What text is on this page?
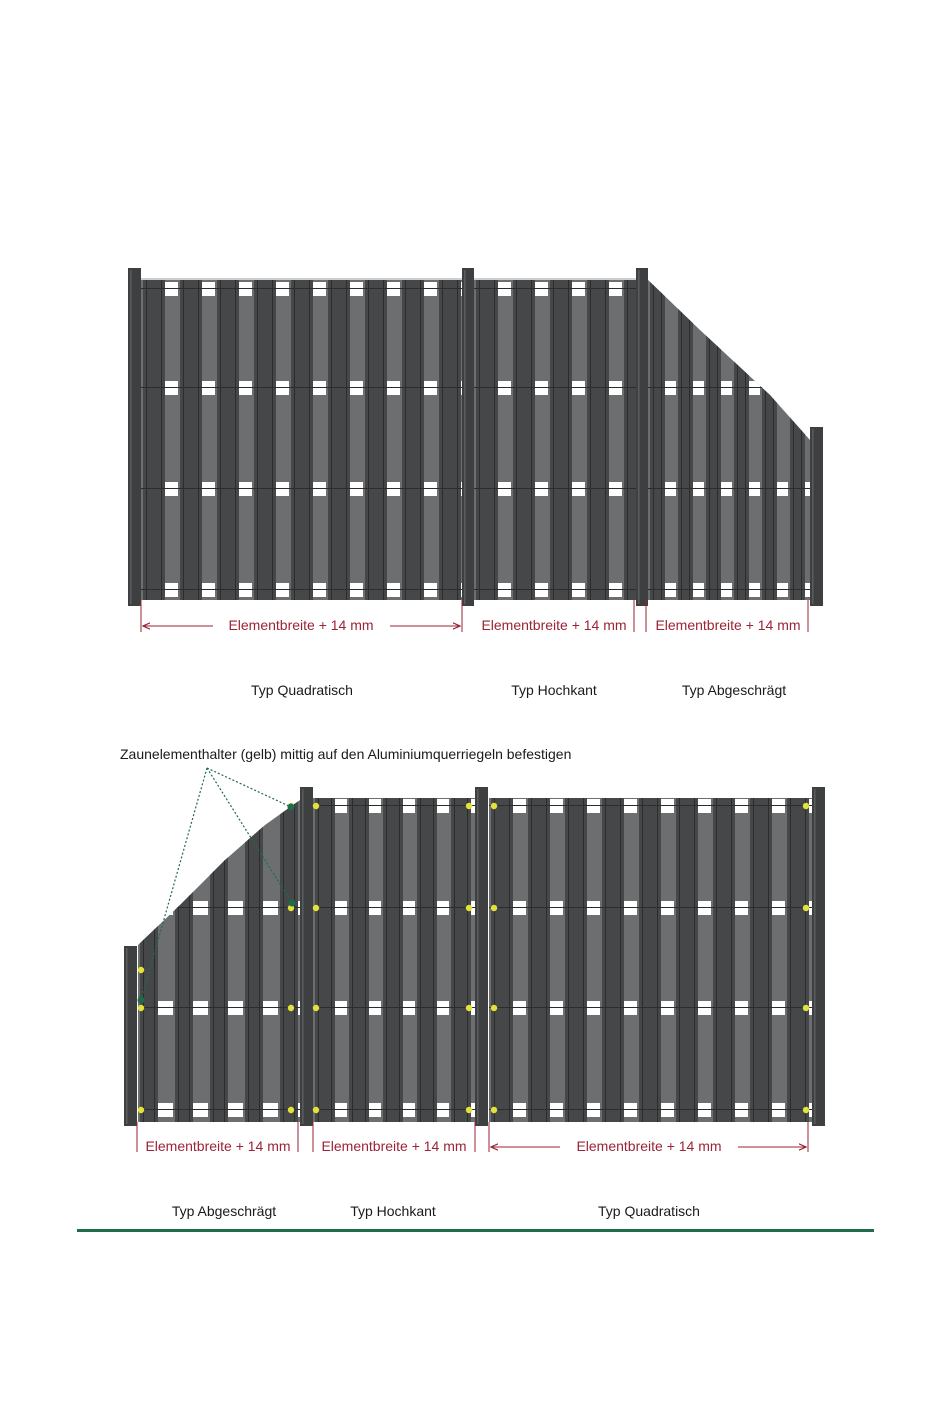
Elementbreite + 14 mm	Elementbreite + 14 mm Elementbreite + 14 mm
Typ Quadratisch	Typ Hochkant	Typ Abgeschrägt
Zaunelementhalter (gelb) mittig auf den Aluminiumquerriegeln befestigen
Elementbreite + 14 mm Elementbreite + 14 mm	Elementbreite + 14 mm
Typ Abgeschrägt	Typ Hochkant	Typ Quadratisch
